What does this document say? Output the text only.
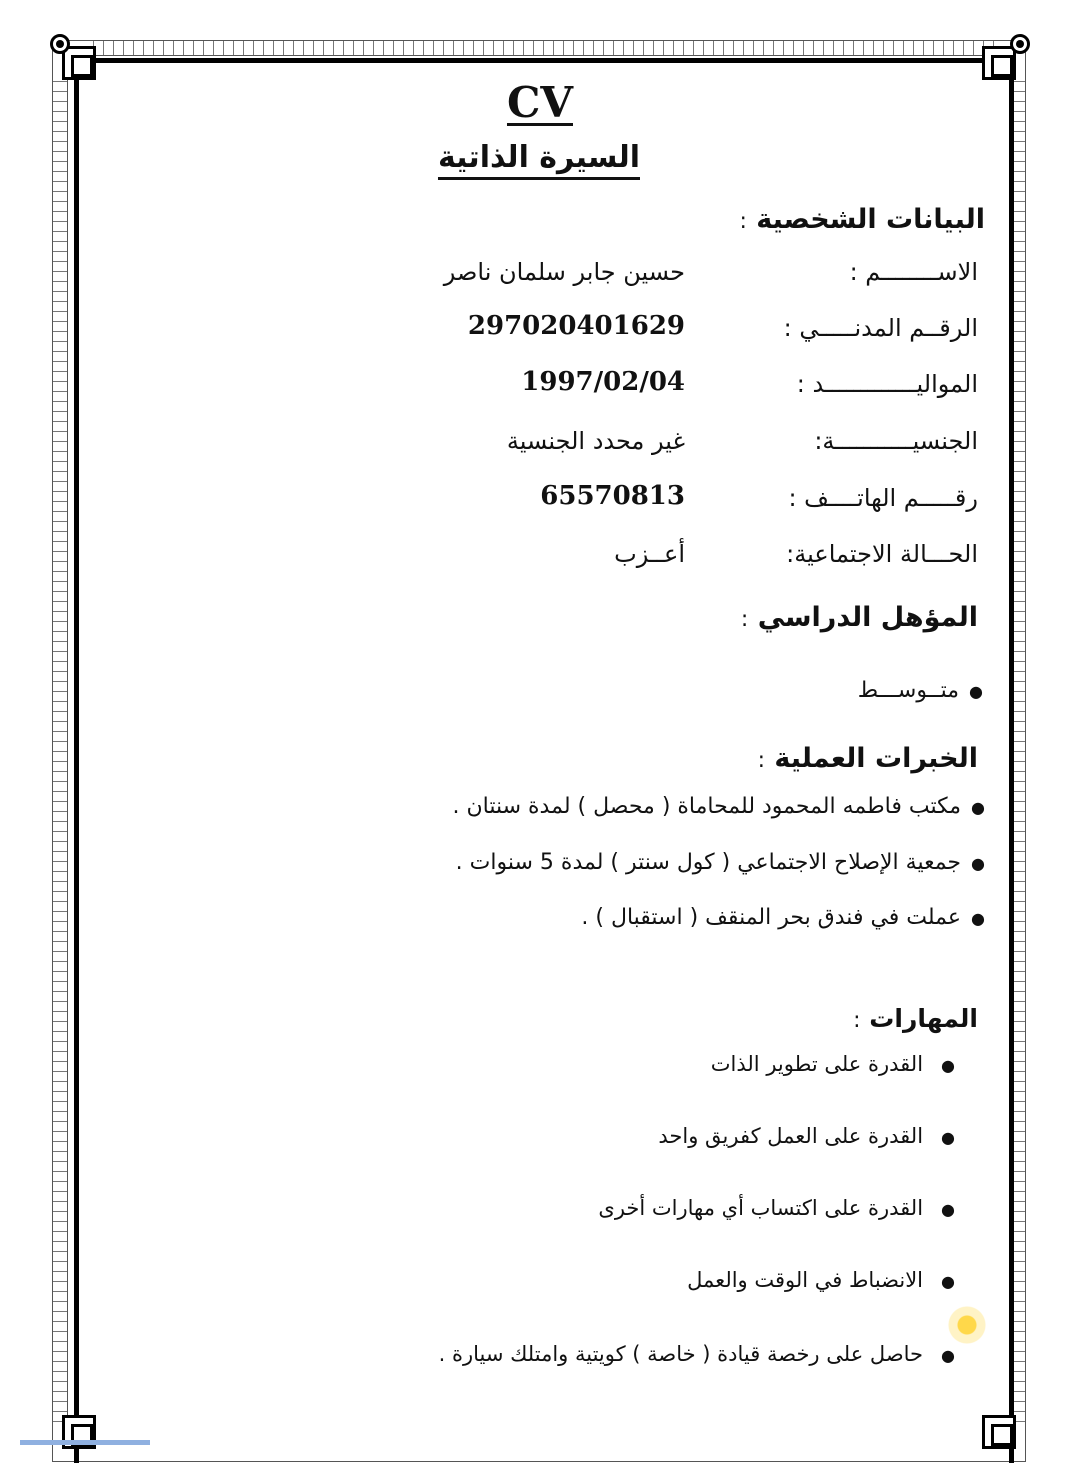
CV
السيرة الذاتية
البيانات الشخصية :
الاســــــــم :
حسين جابر سلمان ناصر
الرقــم المدنـــــي :
297020401629
المواليـــــــــــــد :
1997/02/04
الجنسيـــــــــــة:
غير محدد الجنسية
رقـــــم الهاتــــف :
65570813
الحـــالة الاجتماعية:
أعــزب
المؤهل الدراسي :
●متــوســـط
الخبرات العملية :
●مكتب فاطمه المحمود للمحاماة ( محصل ) لمدة سنتان .
●جمعية الإصلاح الاجتماعي ( كول سنتر ) لمدة 5 سنوات .
●عملت في فندق بحر المنقف ( استقبال ) .
المهارات :
●القدرة على تطوير الذات
●القدرة على العمل كفريق واحد
●القدرة على اكتساب أي مهارات أخرى
●الانضباط في الوقت والعمل
●حاصل على رخصة قيادة ( خاصة ) كويتية وامتلك سيارة .
